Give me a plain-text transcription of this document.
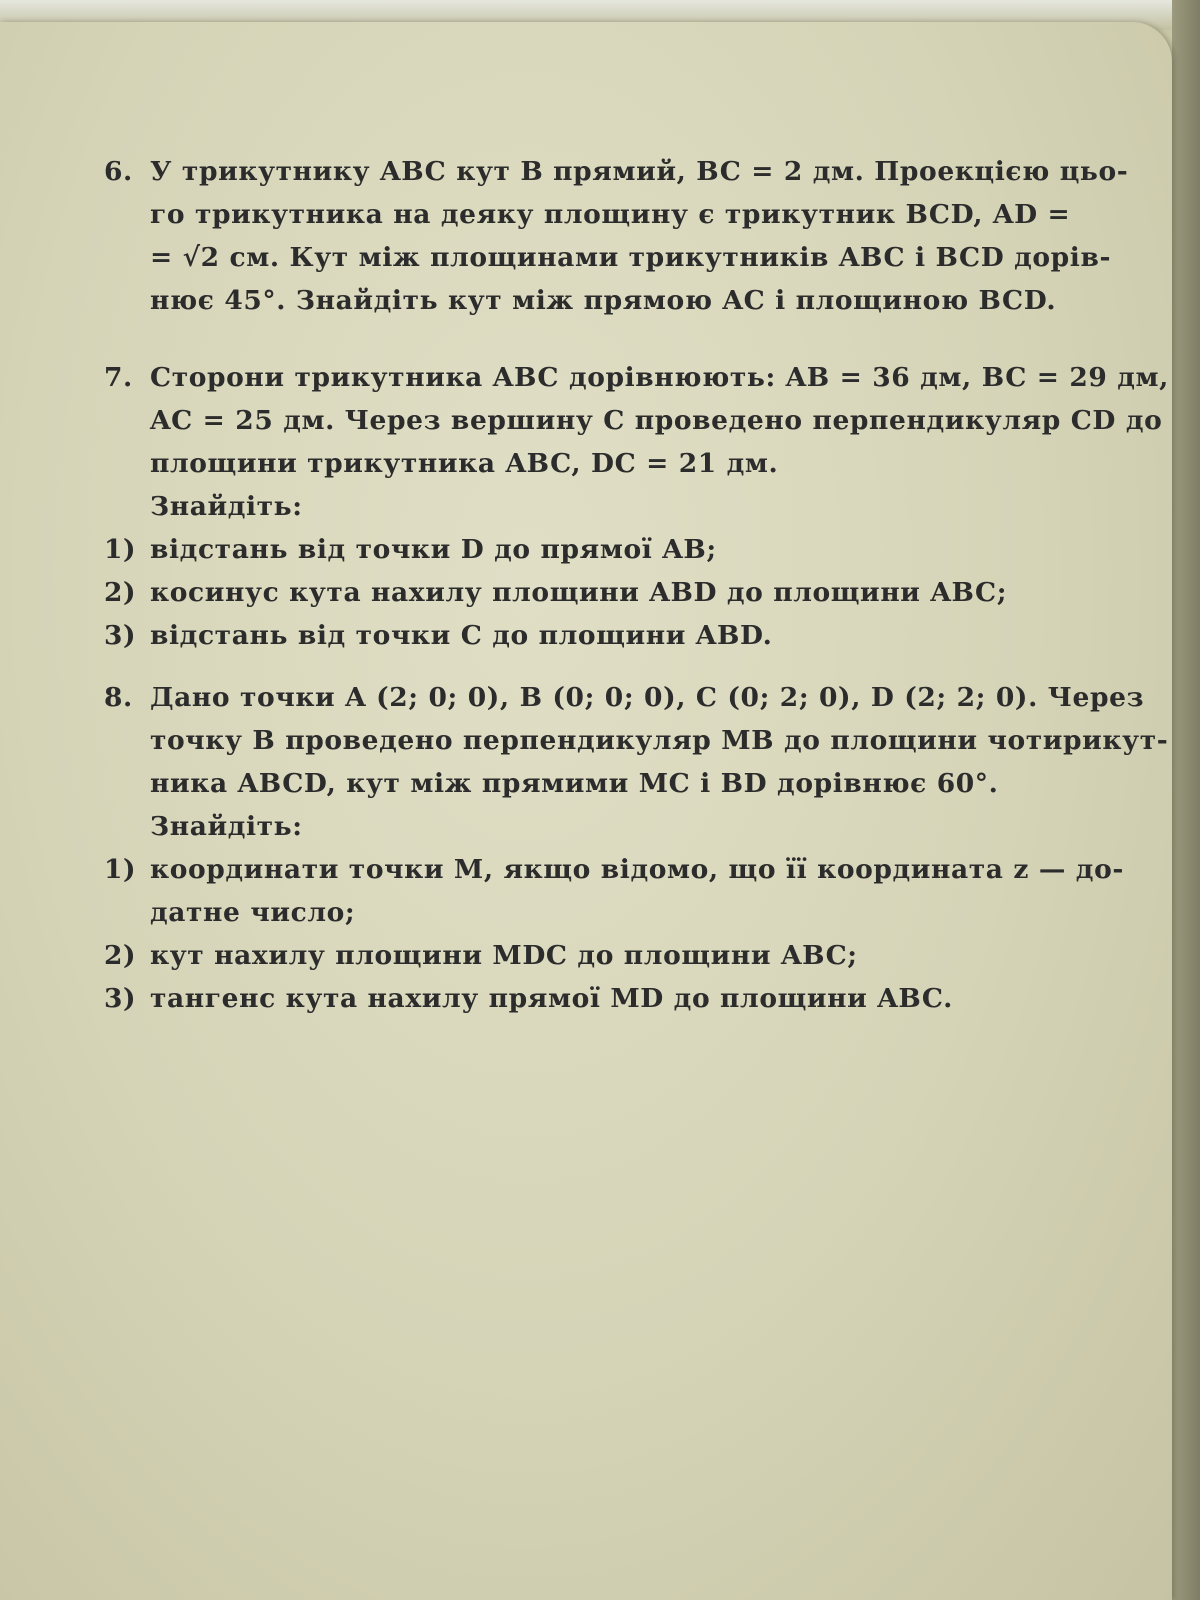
6. У трикутнику ABC кут B прямий, BC = 2 дм. Проекцією цьо-
го трикутника на деяку площину є трикутник BCD, AD =
= √2 см. Кут між площинами трикутників ABC і BCD дорів-
нює 45°. Знайдіть кут між прямою AC і площиною BCD.
7. Сторони трикутника ABC дорівнюють: AB = 36 дм, BC = 29 дм,
AC = 25 дм. Через вершину C проведено перпендикуляр CD до
площини трикутника ABC, DC = 21 дм.
Знайдіть:
1) відстань від точки D до прямої AB;
2) косинус кута нахилу площини ABD до площини ABC;
3) відстань від точки C до площини ABD.
8. Дано точки A (2; 0; 0), B (0; 0; 0), C (0; 2; 0), D (2; 2; 0). Через
точку B проведено перпендикуляр MB до площини чотирикут-
ника ABCD, кут між прямими MC і BD дорівнює 60°.
Знайдіть:
1) координати точки M, якщо відомо, що її координата z — до-
датне число;
2) кут нахилу площини MDC до площини ABC;
3) тангенс кута нахилу прямої MD до площини ABC.
